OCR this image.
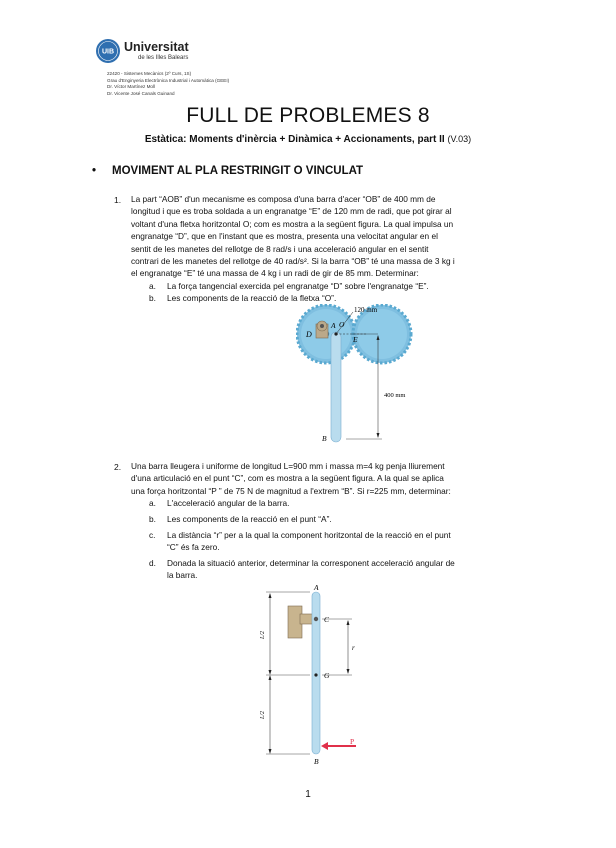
UIB Universitat
de les Illes Balears
22420 - Sistemes Mecànics (2º Curs, 1S)
Grau d'Enginyeria Electrònica Industrial i Automàtica (GEEI)
Dr. Víctor Martínez Moll
Dr. Vicente José Canals Guinand
FULL DE PROBLEMES 8
Estàtica: Moments d'inèrcia + Dinàmica + Accionaments, part II (V.03)
• MOVIMENT AL PLA RESTRINGIT O VINCULAT
1. La part “AOB” d'un mecanisme es composa d'una barra d'acer “OB” de 400 mm de
longitud i que es troba soldada a un engranatge “E” de 120 mm de radi, que pot girar al
voltant d'una fletxa horitzontal O; com es mostra a la següent figura. La qual impulsa un
engranatge “D”, que en l'instant que es mostra, presenta una velocitat angular en el
sentit de les manetes del rellotge de 8 rad/s i una acceleració angular en el sentit
contrari de les manetes del rellotge de 40 rad/s². Si la barra “OB” té una massa de 3 kg i
el engranatge “E” té una massa de 4 kg i un radi de gir de 85 mm. Determinar:
a. La força tangencial exercida pel engranatge “D” sobre l'engranatge “E”.
b. Les components de la reacció de la fletxa “O”.
D
A O
E
B
120 mm
400 mm
2. Una barra lleugera i uniforme de longitud L=900 mm i massa m=4 kg penja lliurement
d'una articulació en el punt “C”, com es mostra a la següent figura. A la qual se aplica
una força horitzontal “P ” de 75 N de magnitud a l'extrem “B”. Si r=225 mm, determinar:
a. L'acceleració angular de la barra.
b. Les components de la reacció en el punt “A”.
c. La distància “r” per a la qual la component horitzontal de la reacció en el punt
“C” és fa zero.
d. Donada la situació anterior, determinar la corresponent acceleració angular de
la barra.
A
C
G
B
P
r
L/2
L/2
1
